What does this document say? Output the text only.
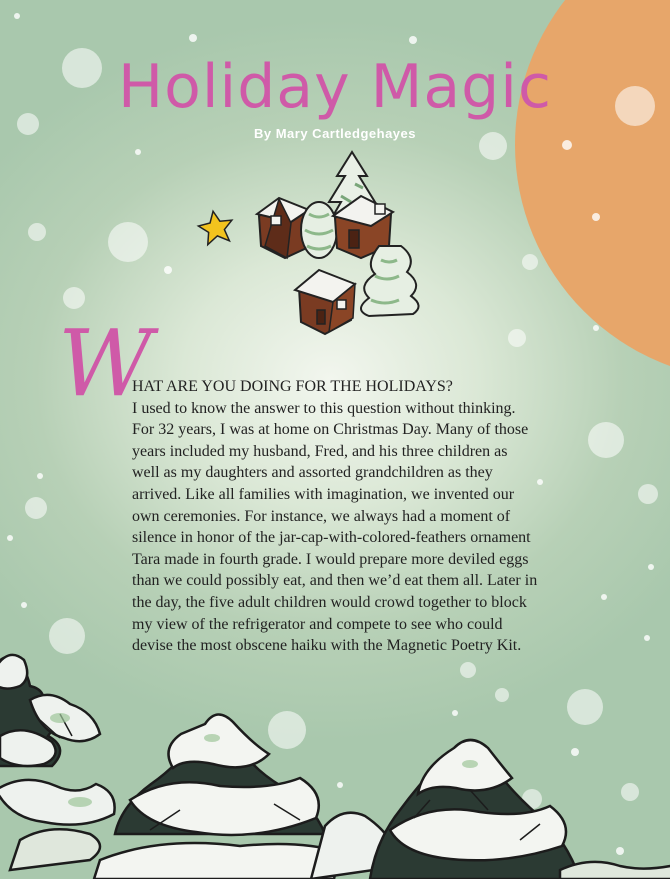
Holiday Magic
By Mary Cartledgehayes
W
HAT ARE YOU DOING FOR THE HOLIDAYS?
I used to know the answer to this question without thinking.
For 32 years, I was at home on Christmas Day. Many of those
years included my husband, Fred, and his three children as
well as my daughters and assorted grandchildren as they
arrived. Like all families with imagination, we invented our
own ceremonies. For instance, we always had a moment of
silence in honor of the jar-cap-with-colored-feathers ornament
Tara made in fourth grade. I would prepare more deviled eggs
than we could possibly eat, and then we’d eat them all. Later in
the day, the five adult children would crowd together to block
my view of the refrigerator and compete to see who could
devise the most obscene haiku with the Magnetic Poetry Kit.
